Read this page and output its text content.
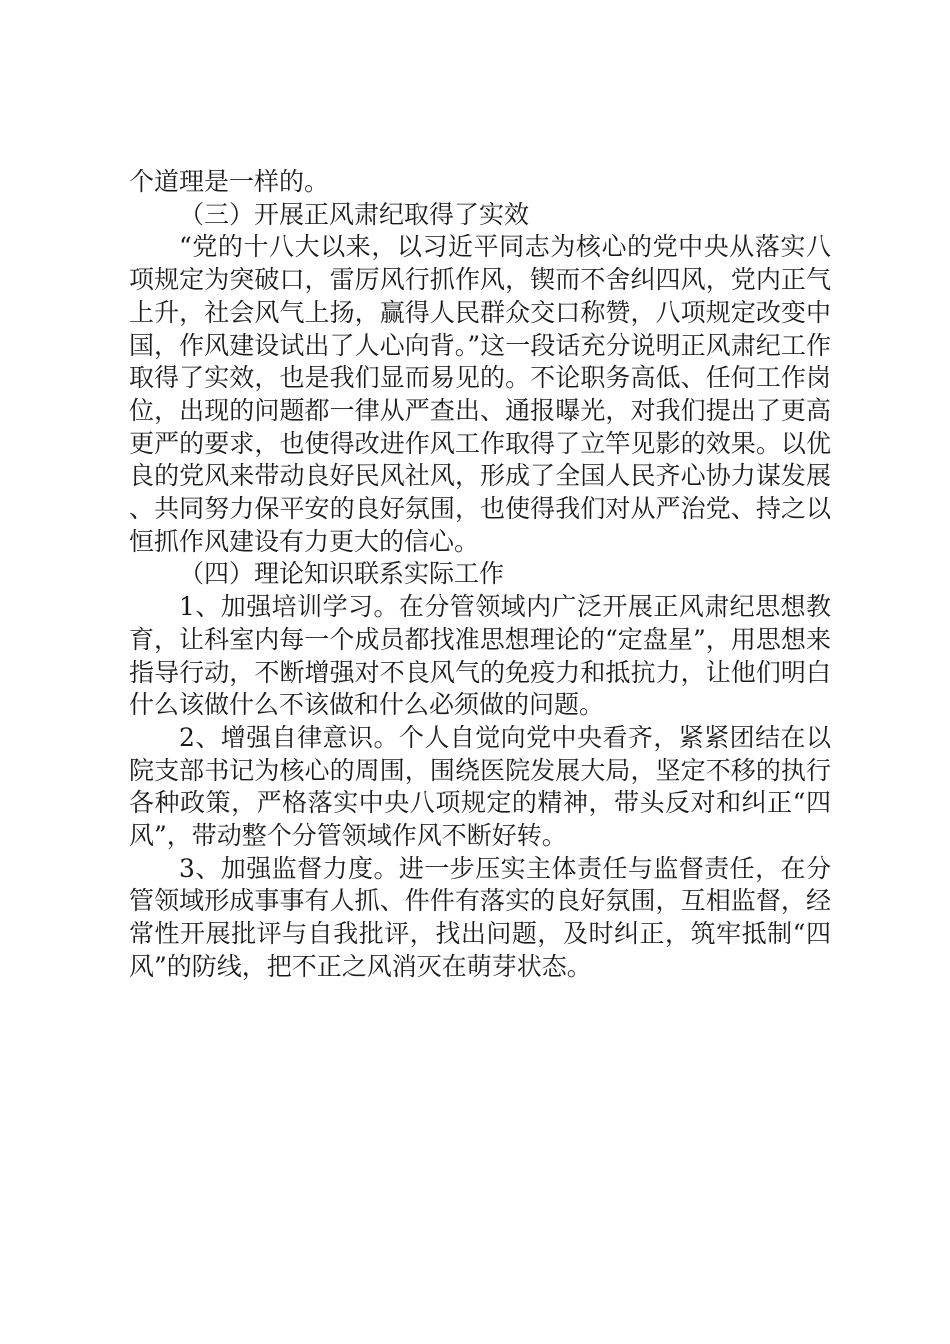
个道理是一样的。

（三）开展正风肃纪取得了实效

“党的十八大以来，以习近平同志为核心的党中央从落实八项规定为突破口，雷厉风行抓作风，锲而不舍纠四风，党内正气上升，社会风气上扬，赢得人民群众交口称赞，八项规定改变中国，作风建设试出了人心向背。”这一段话充分说明正风肃纪工作取得了实效，也是我们显而易见的。不论职务高低、任何工作岗位，出现的问题都一律从严查出、通报曝光，对我们提出了更高更严的要求，也使得改进作风工作取得了立竿见影的效果。以优良的党风来带动良好民风社风，形成了全国人民齐心协力谋发展、共同努力保平安的良好氛围，也使得我们对从严治党、持之以恒抓作风建设有力更大的信心。

（四）理论知识联系实际工作

1、加强培训学习。在分管领域内广泛开展正风肃纪思想教育，让科室内每一个成员都找准思想理论的“定盘星”，用思想来指导行动，不断增强对不良风气的免疫力和抵抗力，让他们明白什么该做什么不该做和什么必须做的问题。

2、增强自律意识。个人自觉向党中央看齐，紧紧团结在以院支部书记为核心的周围，围绕医院发展大局，坚定不移的执行各种政策，严格落实中央八项规定的精神，带头反对和纠正“四风”，带动整个分管领域作风不断好转。

3、加强监督力度。进一步压实主体责任与监督责任，在分管领域形成事事有人抓、件件有落实的良好氛围，互相监督，经常性开展批评与自我批评，找出问题，及时纠正，筑牢抵制“四风”的防线，把不正之风消灭在萌芽状态。
